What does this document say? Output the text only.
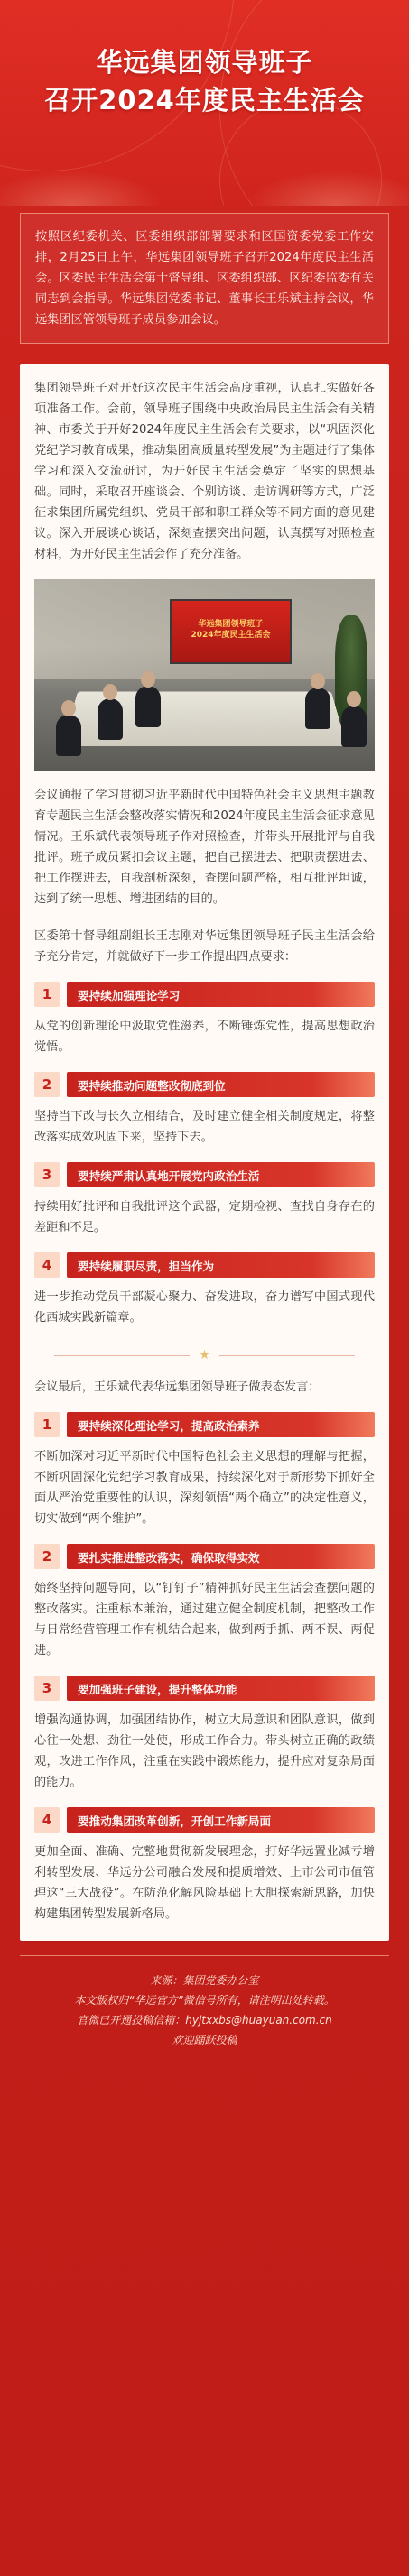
华远集团领导班子
召开2024年度民主生活会
按照区纪委机关、区委组织部部署要求和区国资委党委工作安排，2月25日上午，华远集团领导班子召开2024年度民主生活会。区委民主生活会第十督导组、区委组织部、区纪委监委有关同志到会指导。华远集团党委书记、董事长王乐斌主持会议，华远集团区管领导班子成员参加会议。

集团领导班子对开好这次民主生活会高度重视，认真扎实做好各项准备工作。会前，领导班子围绕中央政治局民主生活会有关精神、市委关于开好2024年度民主生活会有关要求，以“巩固深化党纪学习教育成果，推动集团高质量转型发展”为主题进行了集体学习和深入交流研讨，为开好民主生活会奠定了坚实的思想基础。同时，采取召开座谈会、个别访谈、走访调研等方式，广泛征求集团所属党组织、党员干部和职工群众等不同方面的意见建议。深入开展谈心谈话，深刻查摆突出问题，认真撰写对照检查材料，为开好民主生活会作了充分准备。

华远集团领导班子
2024年度民主生活会

会议通报了学习贯彻习近平新时代中国特色社会主义思想主题教育专题民主生活会整改落实情况和2024年度民主生活会征求意见情况。王乐斌代表领导班子作对照检查，并带头开展批评与自我批评。班子成员紧扣会议主题，把自己摆进去、把职责摆进去、把工作摆进去，自我剖析深刻，查摆问题严格，相互批评坦诚，达到了统一思想、增进团结的目的。

区委第十督导组副组长王志刚对华远集团领导班子民主生活会给予充分肯定，并就做好下一步工作提出四点要求：

1	要持续加强理论学习

从党的创新理论中汲取党性滋养，不断锤炼党性，提高思想政治觉悟。

2	要持续推动问题整改彻底到位

坚持当下改与长久立相结合，及时建立健全相关制度规定，将整改落实成效巩固下来，坚持下去。

3	要持续严肃认真地开展党内政治生活

持续用好批评和自我批评这个武器，定期检视、查找自身存在的差距和不足。

4	要持续履职尽责，担当作为

进一步推动党员干部凝心聚力、奋发进取，奋力谱写中国式现代化西城实践新篇章。

★

会议最后，王乐斌代表华远集团领导班子做表态发言：

1	要持续深化理论学习，提高政治素养

不断加深对习近平新时代中国特色社会主义思想的理解与把握，不断巩固深化党纪学习教育成果，持续深化对于新形势下抓好全面从严治党重要性的认识，深刻领悟“两个确立”的决定性意义，切实做到“两个维护”。

2	要扎实推进整改落实，确保取得实效

始终坚持问题导向，以“钉钉子”精神抓好民主生活会查摆问题的整改落实。注重标本兼治，通过建立健全制度机制，把整改工作与日常经营管理工作有机结合起来，做到两手抓、两不误、两促进。

3	要加强班子建设，提升整体功能

增强沟通协调，加强团结协作，树立大局意识和团队意识，做到心往一处想、劲往一处使，形成工作合力。带头树立正确的政绩观，改进工作作风，注重在实践中锻炼能力，提升应对复杂局面的能力。

4	要推动集团改革创新，开创工作新局面

更加全面、准确、完整地贯彻新发展理念，打好华远置业减亏增利转型发展、华远分公司融合发展和提质增效、上市公司市值管理这“三大战役”。在防范化解风险基础上大胆探索新思路，加快构建集团转型发展新格局。

来源：集团党委办公室
本文版权归“华远官方”微信号所有，请注明出处转载。
官微已开通投稿信箱：hyjtxxbs@huayuan.com.cn
欢迎踊跃投稿
